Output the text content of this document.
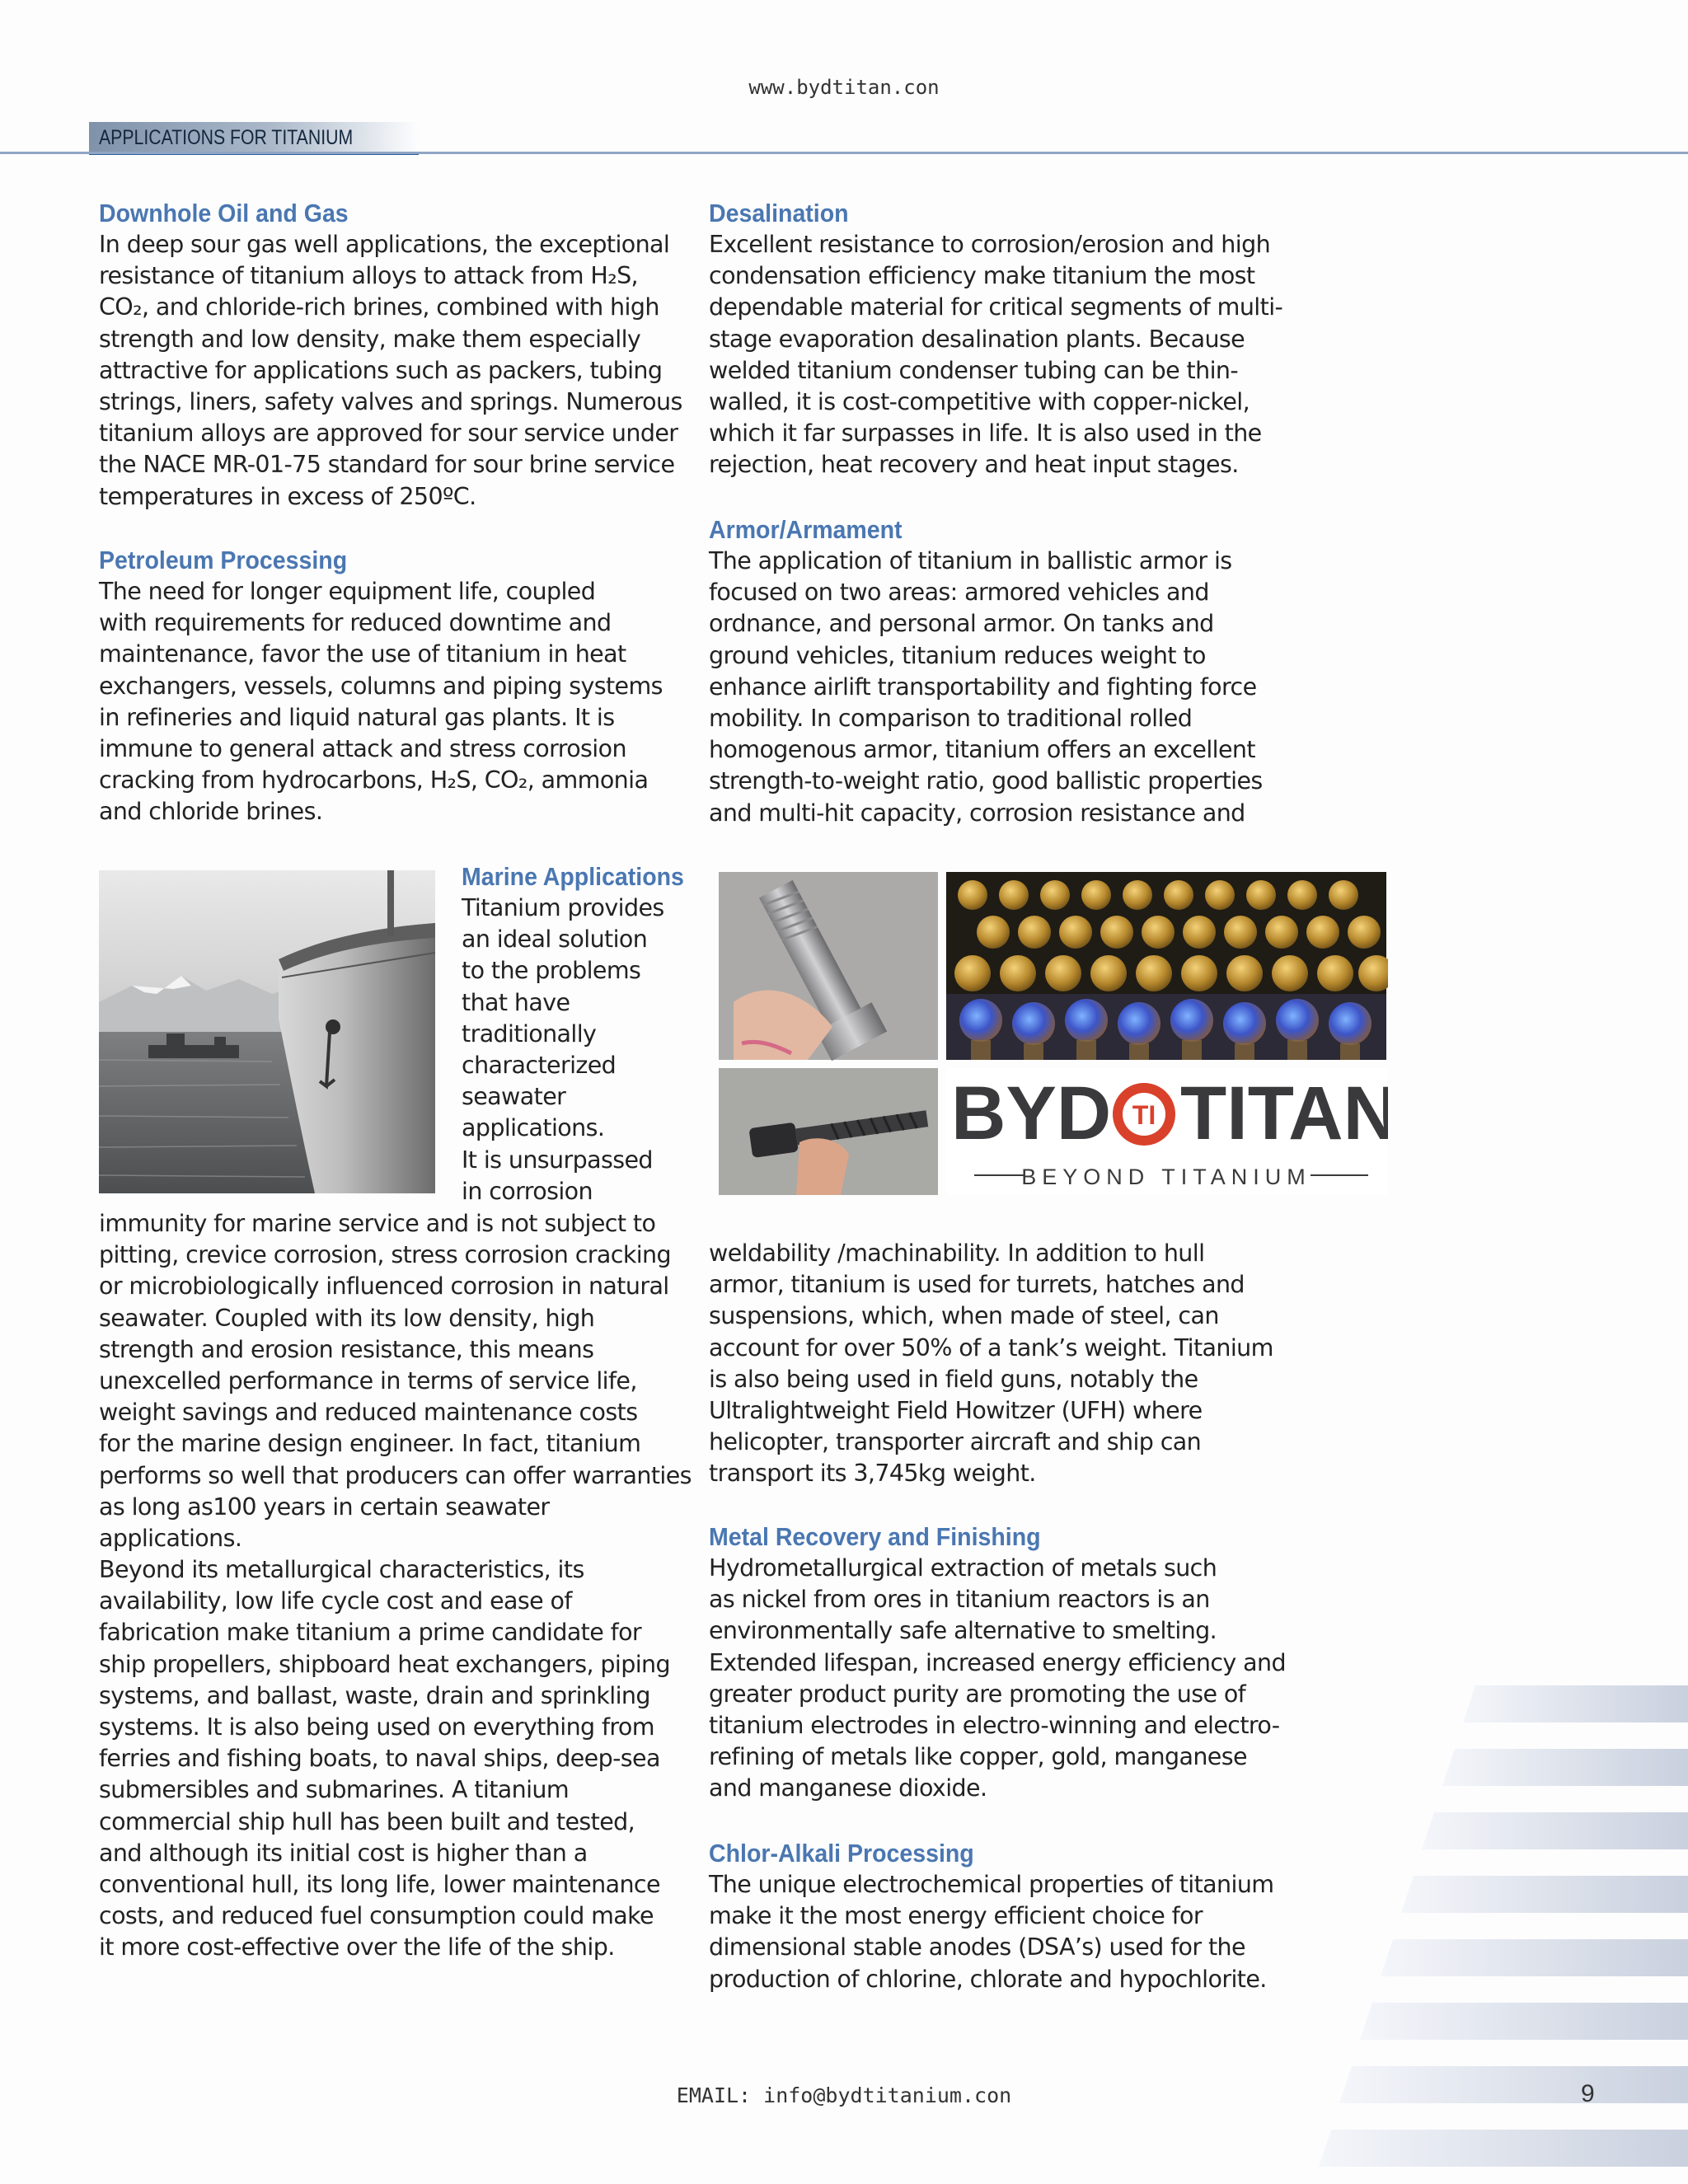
www.bydtitan.con
APPLICATIONS FOR TITANIUM
Downhole Oil and Gas

In deep sour gas well applications, the exceptional
resistance of titanium alloys to attack from H₂S,
CO₂, and chloride-rich brines, combined with high
strength and low density, make them especially
attractive for applications such as packers, tubing
strings, liners, safety valves and springs. Numerous
titanium alloys are approved for sour service under
the NACE MR-01-75 standard for sour brine service
temperatures in excess of 250ºC.

Petroleum Processing

The need for longer equipment life, coupled
with requirements for reduced downtime and
maintenance, favor the use of titanium in heat
exchangers, vessels, columns and piping systems
in refineries and liquid natural gas plants. It is
immune to general attack and stress corrosion
cracking from hydrocarbons, H₂S, CO₂, ammonia
and chloride brines.

Marine Applications

Titanium provides
an ideal solution
to the problems
that have
traditionally
characterized
seawater
applications.
It is unsurpassed
in corrosion

immunity for marine service and is not subject to
pitting, crevice corrosion, stress corrosion cracking
or microbiologically influenced corrosion in natural
seawater. Coupled with its low density, high
strength and erosion resistance, this means
unexcelled performance in terms of service life,
weight savings and reduced maintenance costs
for the marine design engineer. In fact, titanium
performs so well that producers can offer warranties
as long as100 years in certain seawater applications.

Beyond its metallurgical characteristics, its
availability, low life cycle cost and ease of
fabrication make titanium a prime candidate for
ship propellers, shipboard heat exchangers, piping
systems, and ballast, waste, drain and sprinkling
systems. It is also being used on everything from
ferries and fishing boats, to naval ships, deep-sea
submersibles and submarines. A titanium
commercial ship hull has been built and tested,
and although its initial cost is higher than a
conventional hull, its long life, lower maintenance
costs, and reduced fuel consumption could make
it more cost-effective over the life of the ship.

Desalination

Excellent resistance to corrosion/erosion and high
condensation efficiency make titanium the most
dependable material for critical segments of multi-
stage evaporation desalination plants. Because
welded titanium condenser tubing can be thin-
walled, it is cost-competitive with copper-nickel,
which it far surpasses in life. It is also used in the
rejection, heat recovery and heat input stages.

Armor/Armament

The application of titanium in ballistic armor is
focused on two areas: armored vehicles and
ordnance, and personal armor. On tanks and
ground vehicles, titanium reduces weight to
enhance airlift transportability and fighting force
mobility. In comparison to traditional rolled
homogenous armor, titanium offers an excellent
strength-to-weight ratio, good ballistic properties
and multi-hit capacity, corrosion resistance and

weldability /machinability. In addition to hull
armor, titanium is used for turrets, hatches and
suspensions, which, when made of steel, can
account for over 50% of a tank’s weight. Titanium
is also being used in field guns, notably the
Ultralightweight Field Howitzer (UFH) where
helicopter, transporter aircraft and ship can
transport its 3,745kg weight.

Metal Recovery and Finishing

Hydrometallurgical extraction of metals such
as nickel from ores in titanium reactors is an
environmentally safe alternative to smelting.
Extended lifespan, increased energy efficiency and
greater product purity are promoting the use of
titanium electrodes in electro-winning and electro-
refining of metals like copper, gold, manganese
and manganese dioxide.

Chlor-Alkali Processing

The unique electrochemical properties of titanium
make it the most energy efficient choice for
dimensional stable anodes (DSA’s) used for the
production of chlorine, chlorate and hypochlorite.

BYD TI TITAN
BEYOND TITANIUM
EMAIL: info@bydtitanium.con	9
